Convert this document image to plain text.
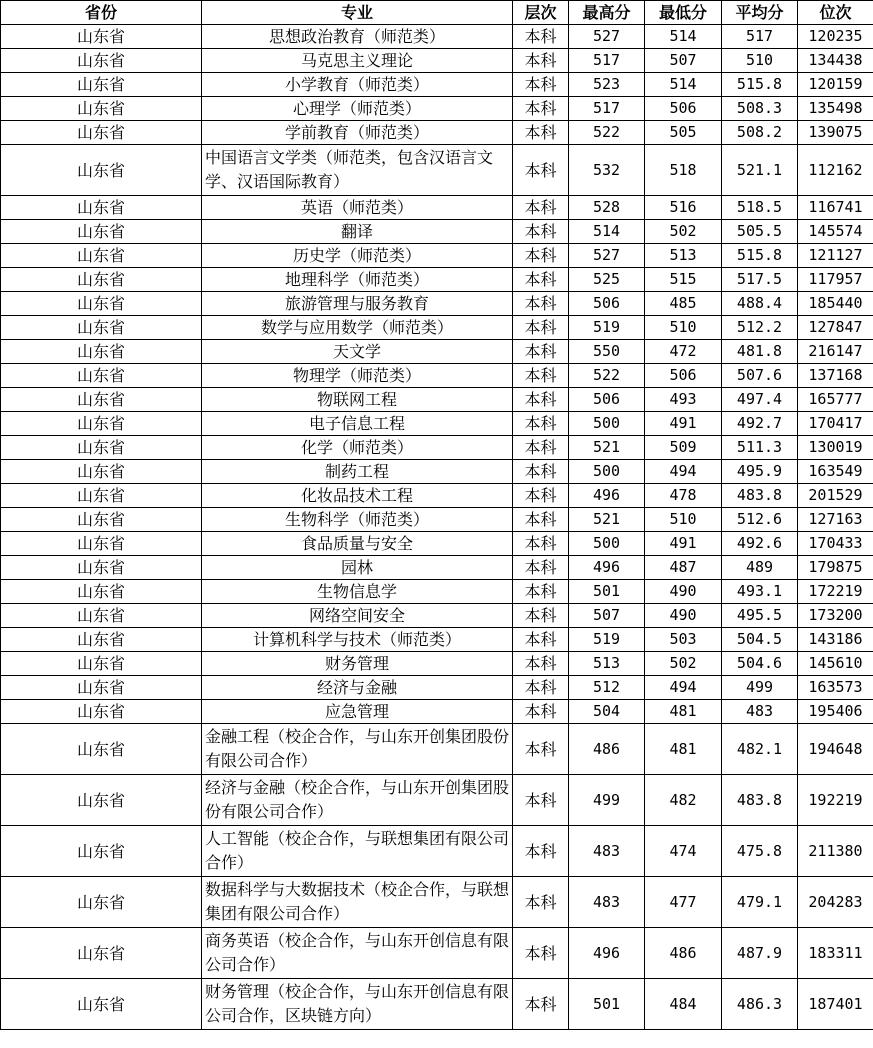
省份	专业	层次	最高分	最低分	平均分	位次
山东省	思想政治教育（师范类）	本科	527	514	517	120235
山东省	马克思主义理论	本科	517	507	510	134438
山东省	小学教育（师范类）	本科	523	514	515.8	120159
山东省	心理学（师范类）	本科	517	506	508.3	135498
山东省	学前教育（师范类）	本科	522	505	508.2	139075
山东省	中国语言文学类（师范类，包含汉语言文学、汉语国际教育）	本科	532	518	521.1	112162
山东省	英语（师范类）	本科	528	516	518.5	116741
山东省	翻译	本科	514	502	505.5	145574
山东省	历史学（师范类）	本科	527	513	515.8	121127
山东省	地理科学（师范类）	本科	525	515	517.5	117957
山东省	旅游管理与服务教育	本科	506	485	488.4	185440
山东省	数学与应用数学（师范类）	本科	519	510	512.2	127847
山东省	天文学	本科	550	472	481.8	216147
山东省	物理学（师范类）	本科	522	506	507.6	137168
山东省	物联网工程	本科	506	493	497.4	165777
山东省	电子信息工程	本科	500	491	492.7	170417
山东省	化学（师范类）	本科	521	509	511.3	130019
山东省	制药工程	本科	500	494	495.9	163549
山东省	化妆品技术工程	本科	496	478	483.8	201529
山东省	生物科学（师范类）	本科	521	510	512.6	127163
山东省	食品质量与安全	本科	500	491	492.6	170433
山东省	园林	本科	496	487	489	179875
山东省	生物信息学	本科	501	490	493.1	172219
山东省	网络空间安全	本科	507	490	495.5	173200
山东省	计算机科学与技术（师范类）	本科	519	503	504.5	143186
山东省	财务管理	本科	513	502	504.6	145610
山东省	经济与金融	本科	512	494	499	163573
山东省	应急管理	本科	504	481	483	195406
山东省	金融工程（校企合作，与山东开创集团股份有限公司合作）	本科	486	481	482.1	194648
山东省	经济与金融（校企合作，与山东开创集团股份有限公司合作）	本科	499	482	483.8	192219
山东省	人工智能（校企合作，与联想集团有限公司合作）	本科	483	474	475.8	211380
山东省	数据科学与大数据技术（校企合作，与联想集团有限公司合作）	本科	483	477	479.1	204283
山东省	商务英语（校企合作，与山东开创信息有限公司合作）	本科	496	486	487.9	183311
山东省	财务管理（校企合作，与山东开创信息有限公司合作，区块链方向）	本科	501	484	486.3	187401
